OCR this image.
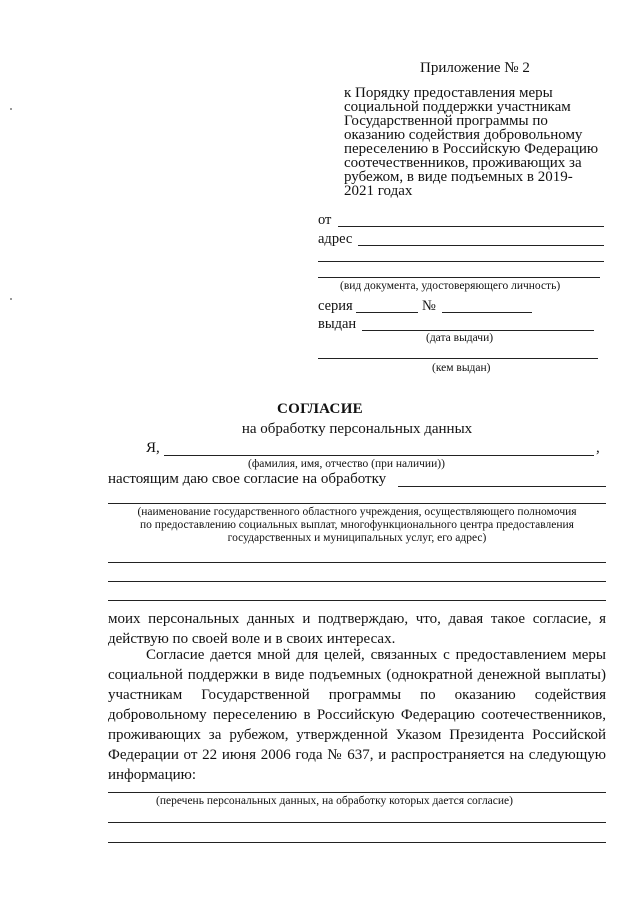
Приложение № 2
к Порядку предоставления меры
социальной поддержки участникам
Государственной программы по
оказанию содействия добровольному
переселению в Российскую Федерацию
соотечественников, проживающих за
рубежом, в виде подъемных в 2019-
2021 годах
от
адрес
(вид документа, удостоверяющего личность)
серия	№
выдан
(дата выдачи)
(кем выдан)
СОГЛАСИЕ
на обработку персональных данных
Я,	,
(фамилия, имя, отчество (при наличии))
настоящим даю свое согласие на обработку
(наименование государственного областного учреждения, осуществляющего полномочия
по предоставлению социальных выплат, многофункционального центра предоставления
государственных и муниципальных услуг, его адрес)
моих персональных данных и подтверждаю, что, давая такое согласие, я
действую по своей воле и в своих интересах.
Согласие дается мной для целей, связанных с предоставлением меры
социальной поддержки в виде подъемных (однократной денежной выплаты)
участникам Государственной программы по оказанию содействия
добровольному переселению в Российскую Федерацию соотечественников,
проживающих за рубежом, утвержденной Указом Президента Российской
Федерации от 22 июня 2006 года № 637, и распространяется на следующую
информацию:
(перечень персональных данных, на обработку которых дается согласие)
